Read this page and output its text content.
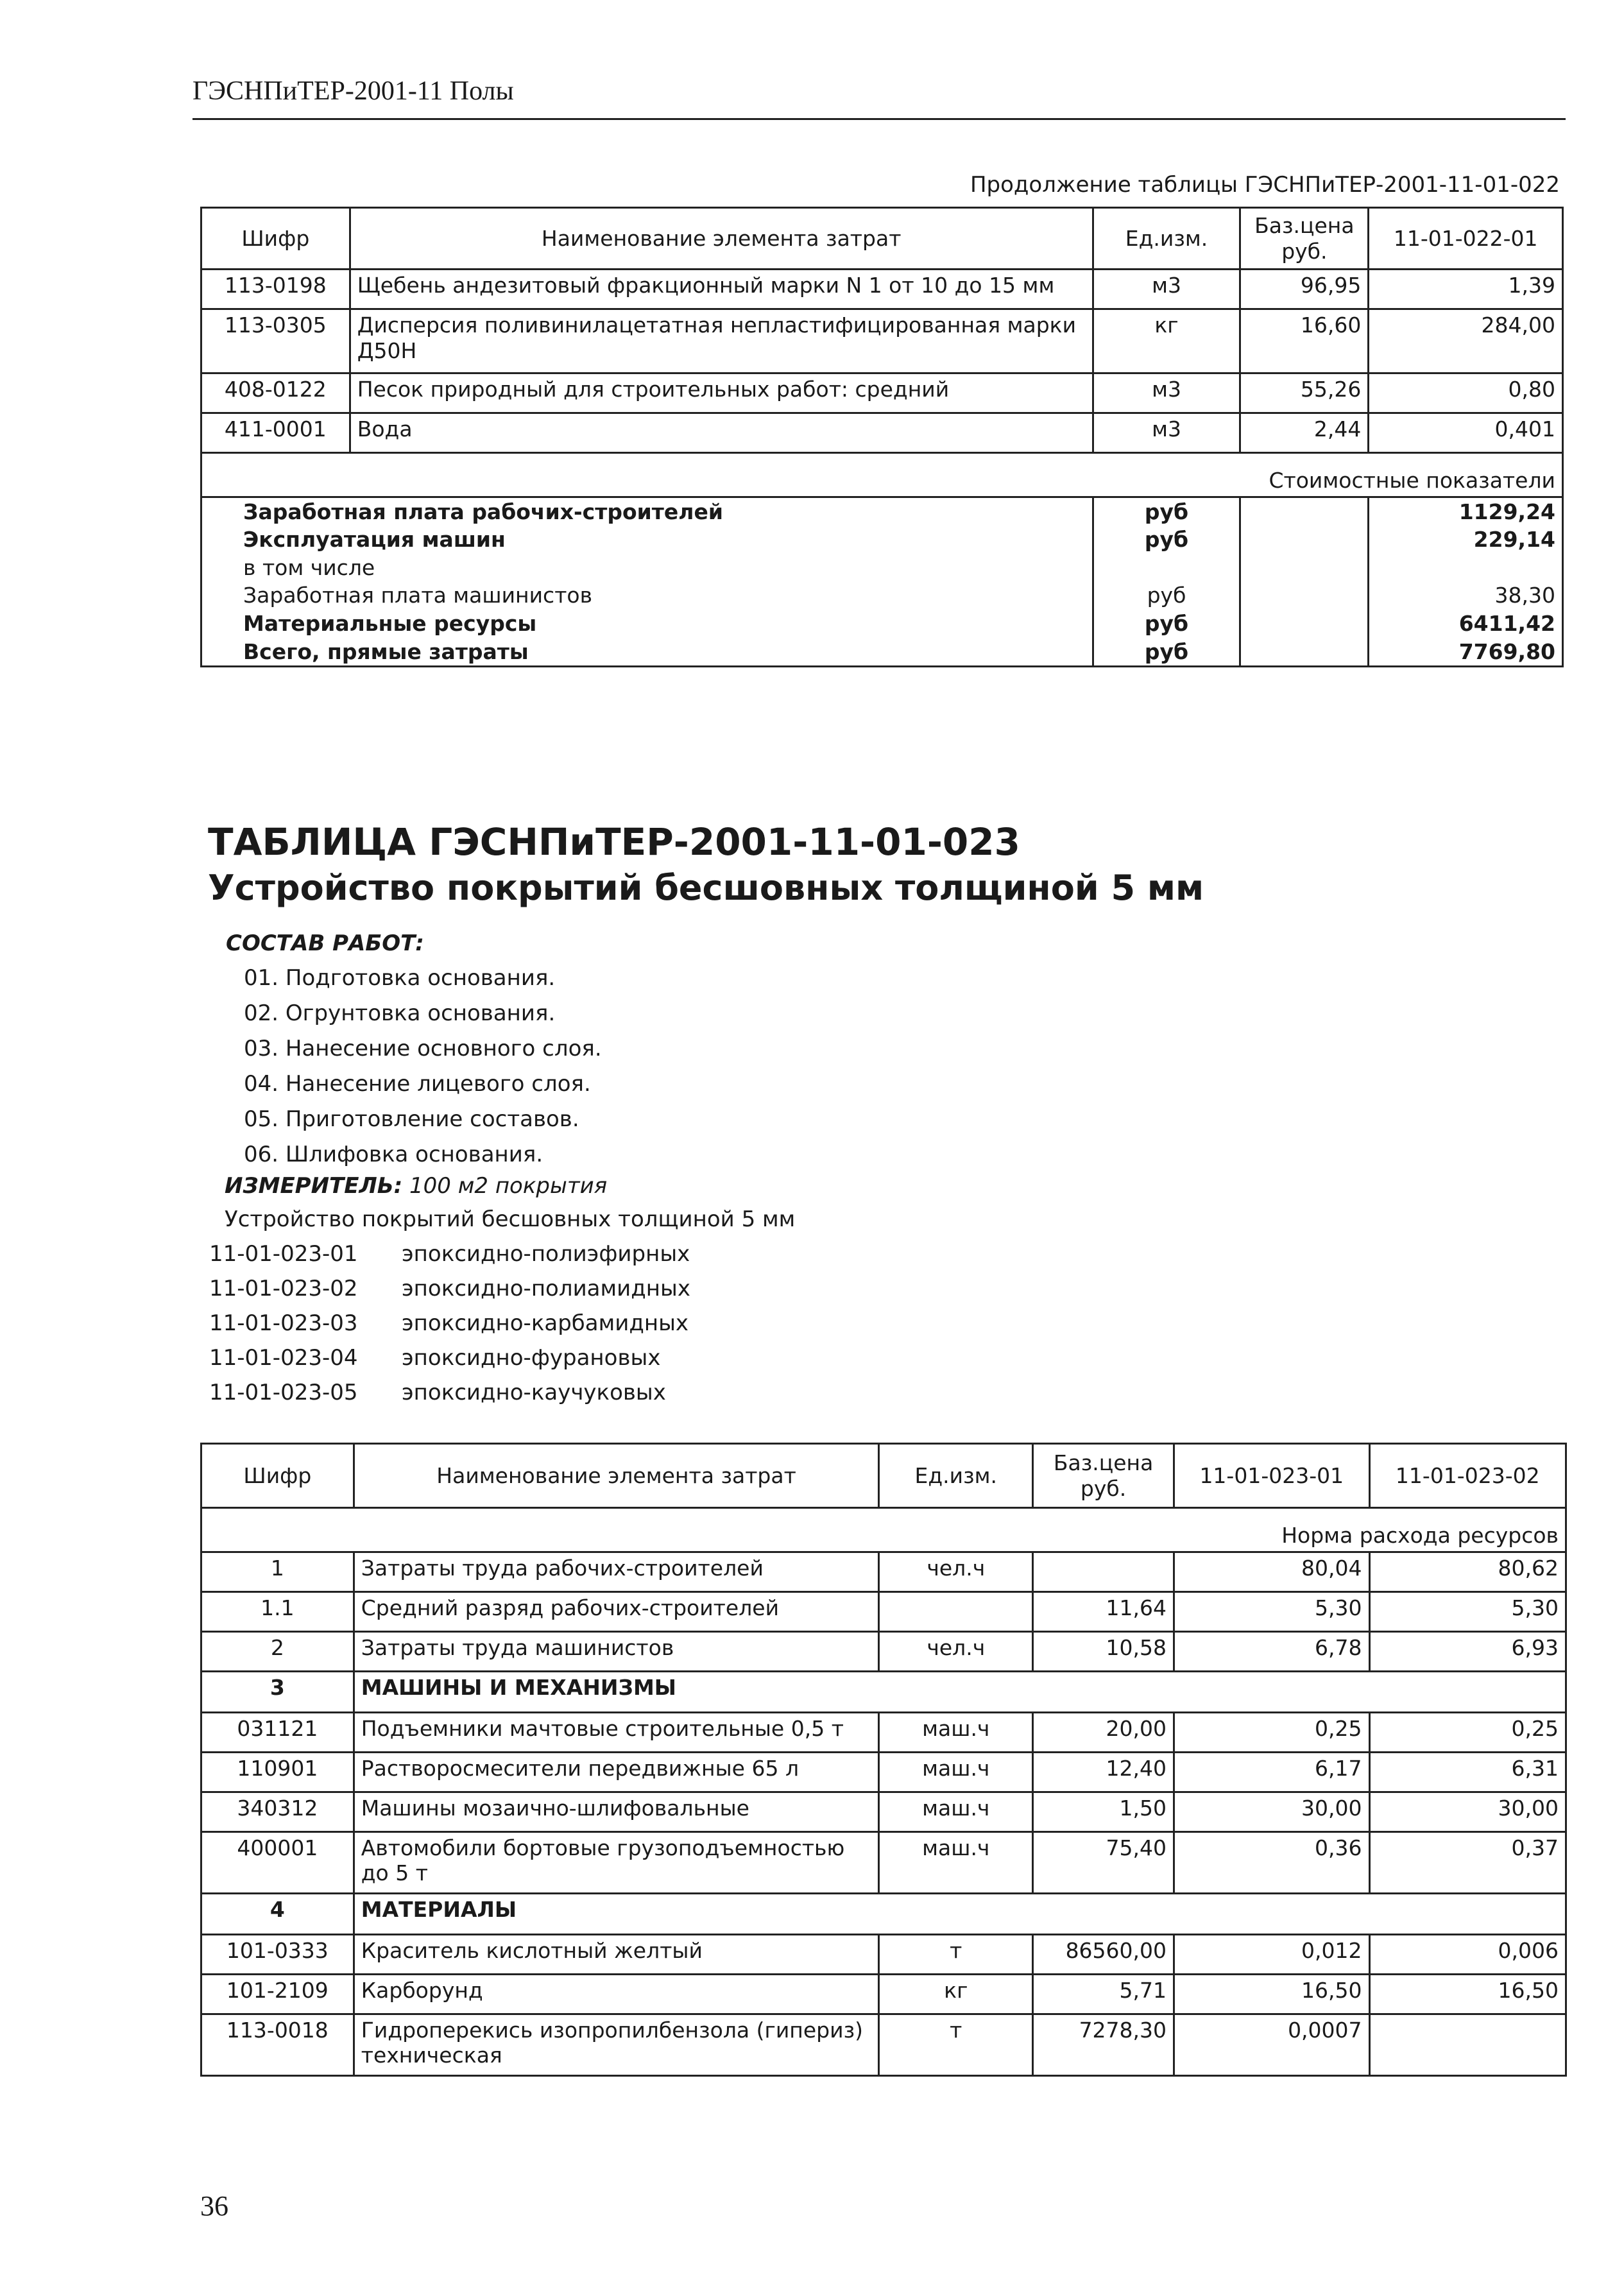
ГЭСНПиТЕР-2001-11 Полы
Продолжение таблицы ГЭСНПиТЕР-2001-11-01-022
Шифр	Наименование элемента затрат	Ед.изм.	Баз.цена руб.	11-01-022-01
113-0198	Щебень андезитовый фракционный марки N 1 от 10 до 15 мм	м3	96,95	1,39
113-0305	Дисперсия поливинилацетатная непластифицированная марки Д50Н	кг	16,60	284,00
408-0122	Песок природный для строительных работ: средний	м3	55,26	0,80
411-0001	Вода	м3	2,44	0,401
Стоимостные показатели				
Заработная плата рабочих-строителей		руб		1129,24
Эксплуатация машин		руб		229,14
в том числе				
Заработная плата машинистов		руб		38,30
Материальные ресурсы		руб		6411,42
Всего, прямые затраты		руб		7769,80
ТАБЛИЦА ГЭСНПиТЕР-2001-11-01-023
Устройство покрытий бесшовных толщиной 5 мм
СОСТАВ РАБОТ:
01. Подготовка основания.
02. Огрунтовка основания.
03. Нанесение основного слоя.
04. Нанесение лицевого слоя.
05. Приготовление составов.
06. Шлифовка основания.
ИЗМЕРИТЕЛЬ: 100 м2 покрытия
Устройство покрытий бесшовных толщиной 5 мм
11-01-023-01 эпоксидно-полиэфирных
11-01-023-02 эпоксидно-полиамидных
11-01-023-03 эпоксидно-карбамидных
11-01-023-04 эпоксидно-фурановых
11-01-023-05 эпоксидно-каучуковых
Шифр	Наименование элемента затрат	Ед.изм.	Баз.цена руб.	11-01-023-01	11-01-023-02
Норма расхода ресурсов					
1	Затраты труда рабочих-строителей	чел.ч		80,04	80,62
1.1	Средний разряд рабочих-строителей		11,64	5,30	5,30
2	Затраты труда машинистов	чел.ч	10,58	6,78	6,93
3	МАШИНЫ И МЕХАНИЗМЫ				
031121	Подъемники мачтовые строительные 0,5 т	маш.ч	20,00	0,25	0,25
110901	Растворосмесители передвижные 65 л	маш.ч	12,40	6,17	6,31
340312	Машины мозаично-шлифовальные	маш.ч	1,50	30,00	30,00
400001	Автомобили бортовые грузоподъемностью до 5 т	маш.ч	75,40	0,36	0,37
4	МАТЕРИАЛЫ				
101-0333	Краситель кислотный желтый	т	86560,00	0,012	0,006
101-2109	Карборунд	кг	5,71	16,50	16,50
113-0018	Гидроперекись изопропилбензола (гипериз) техническая	т	7278,30	0,0007	
36
